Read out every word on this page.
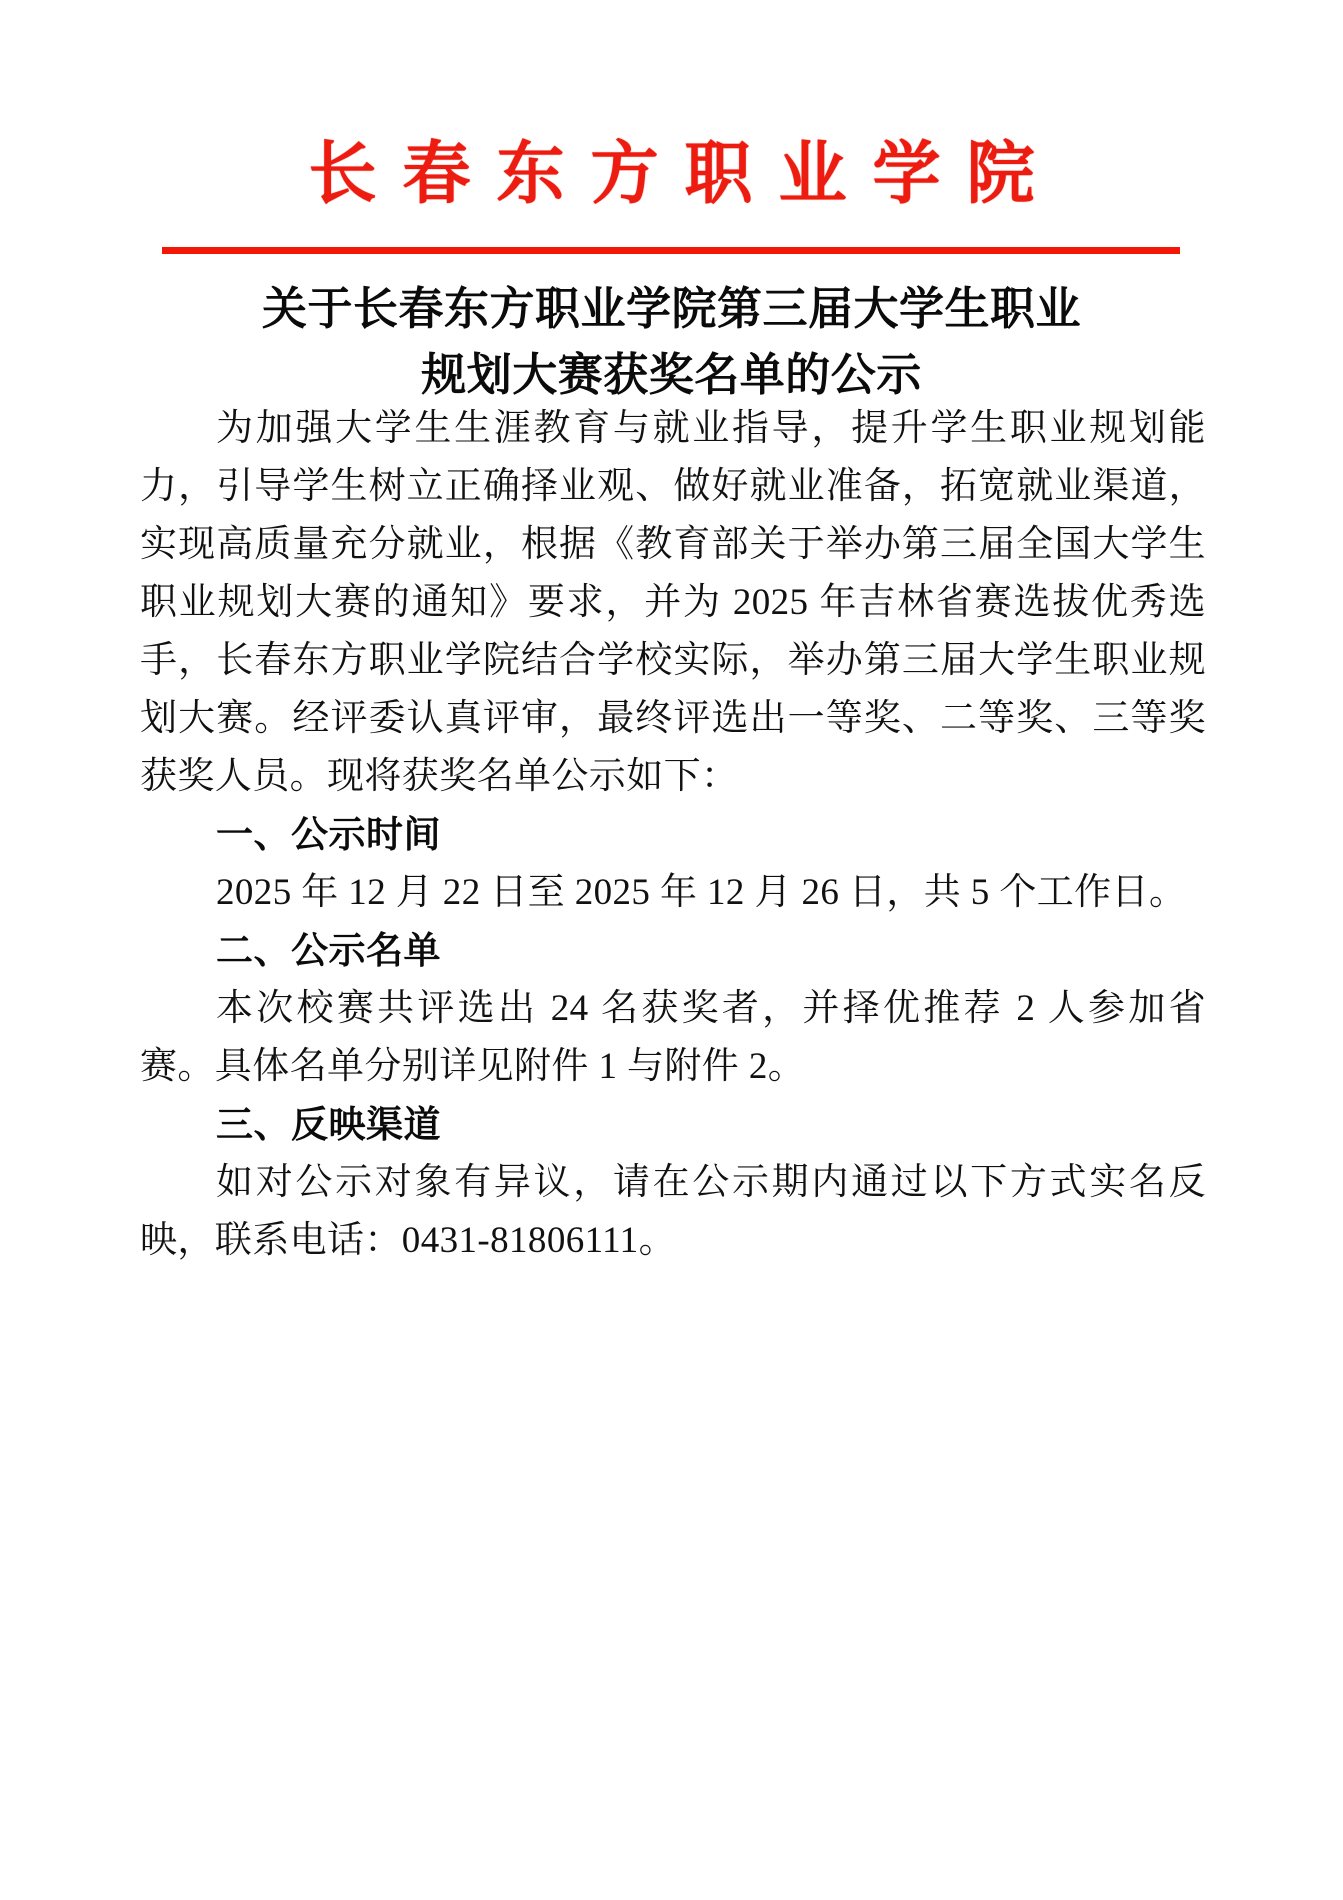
长春东方职业学院
关于长春东方职业学院第三届大学生职业
规划大赛获奖名单的公示

为加强大学生生涯教育与就业指导，提升学生职业规划能力，引导学生树立正确择业观、做好就业准备，拓宽就业渠道，实现高质量充分就业，根据《教育部关于举办第三届全国大学生职业规划大赛的通知》要求，并为 2025 年吉林省赛选拔优秀选手，长春东方职业学院结合学校实际，举办第三届大学生职业规划大赛。经评委认真评审，最终评选出一等奖、二等奖、三等奖获奖人员。现将获奖名单公示如下：

一、公示时间

2025 年 12 月 22 日至 2025 年 12 月 26 日，共 5 个工作日。

二、公示名单

本次校赛共评选出 24 名获奖者，并择优推荐 2 人参加省赛。具体名单分别详见附件 1 与附件 2。

三、反映渠道

如对公示对象有异议，请在公示期内通过以下方式实名反映，联系电话：0431-81806111。
